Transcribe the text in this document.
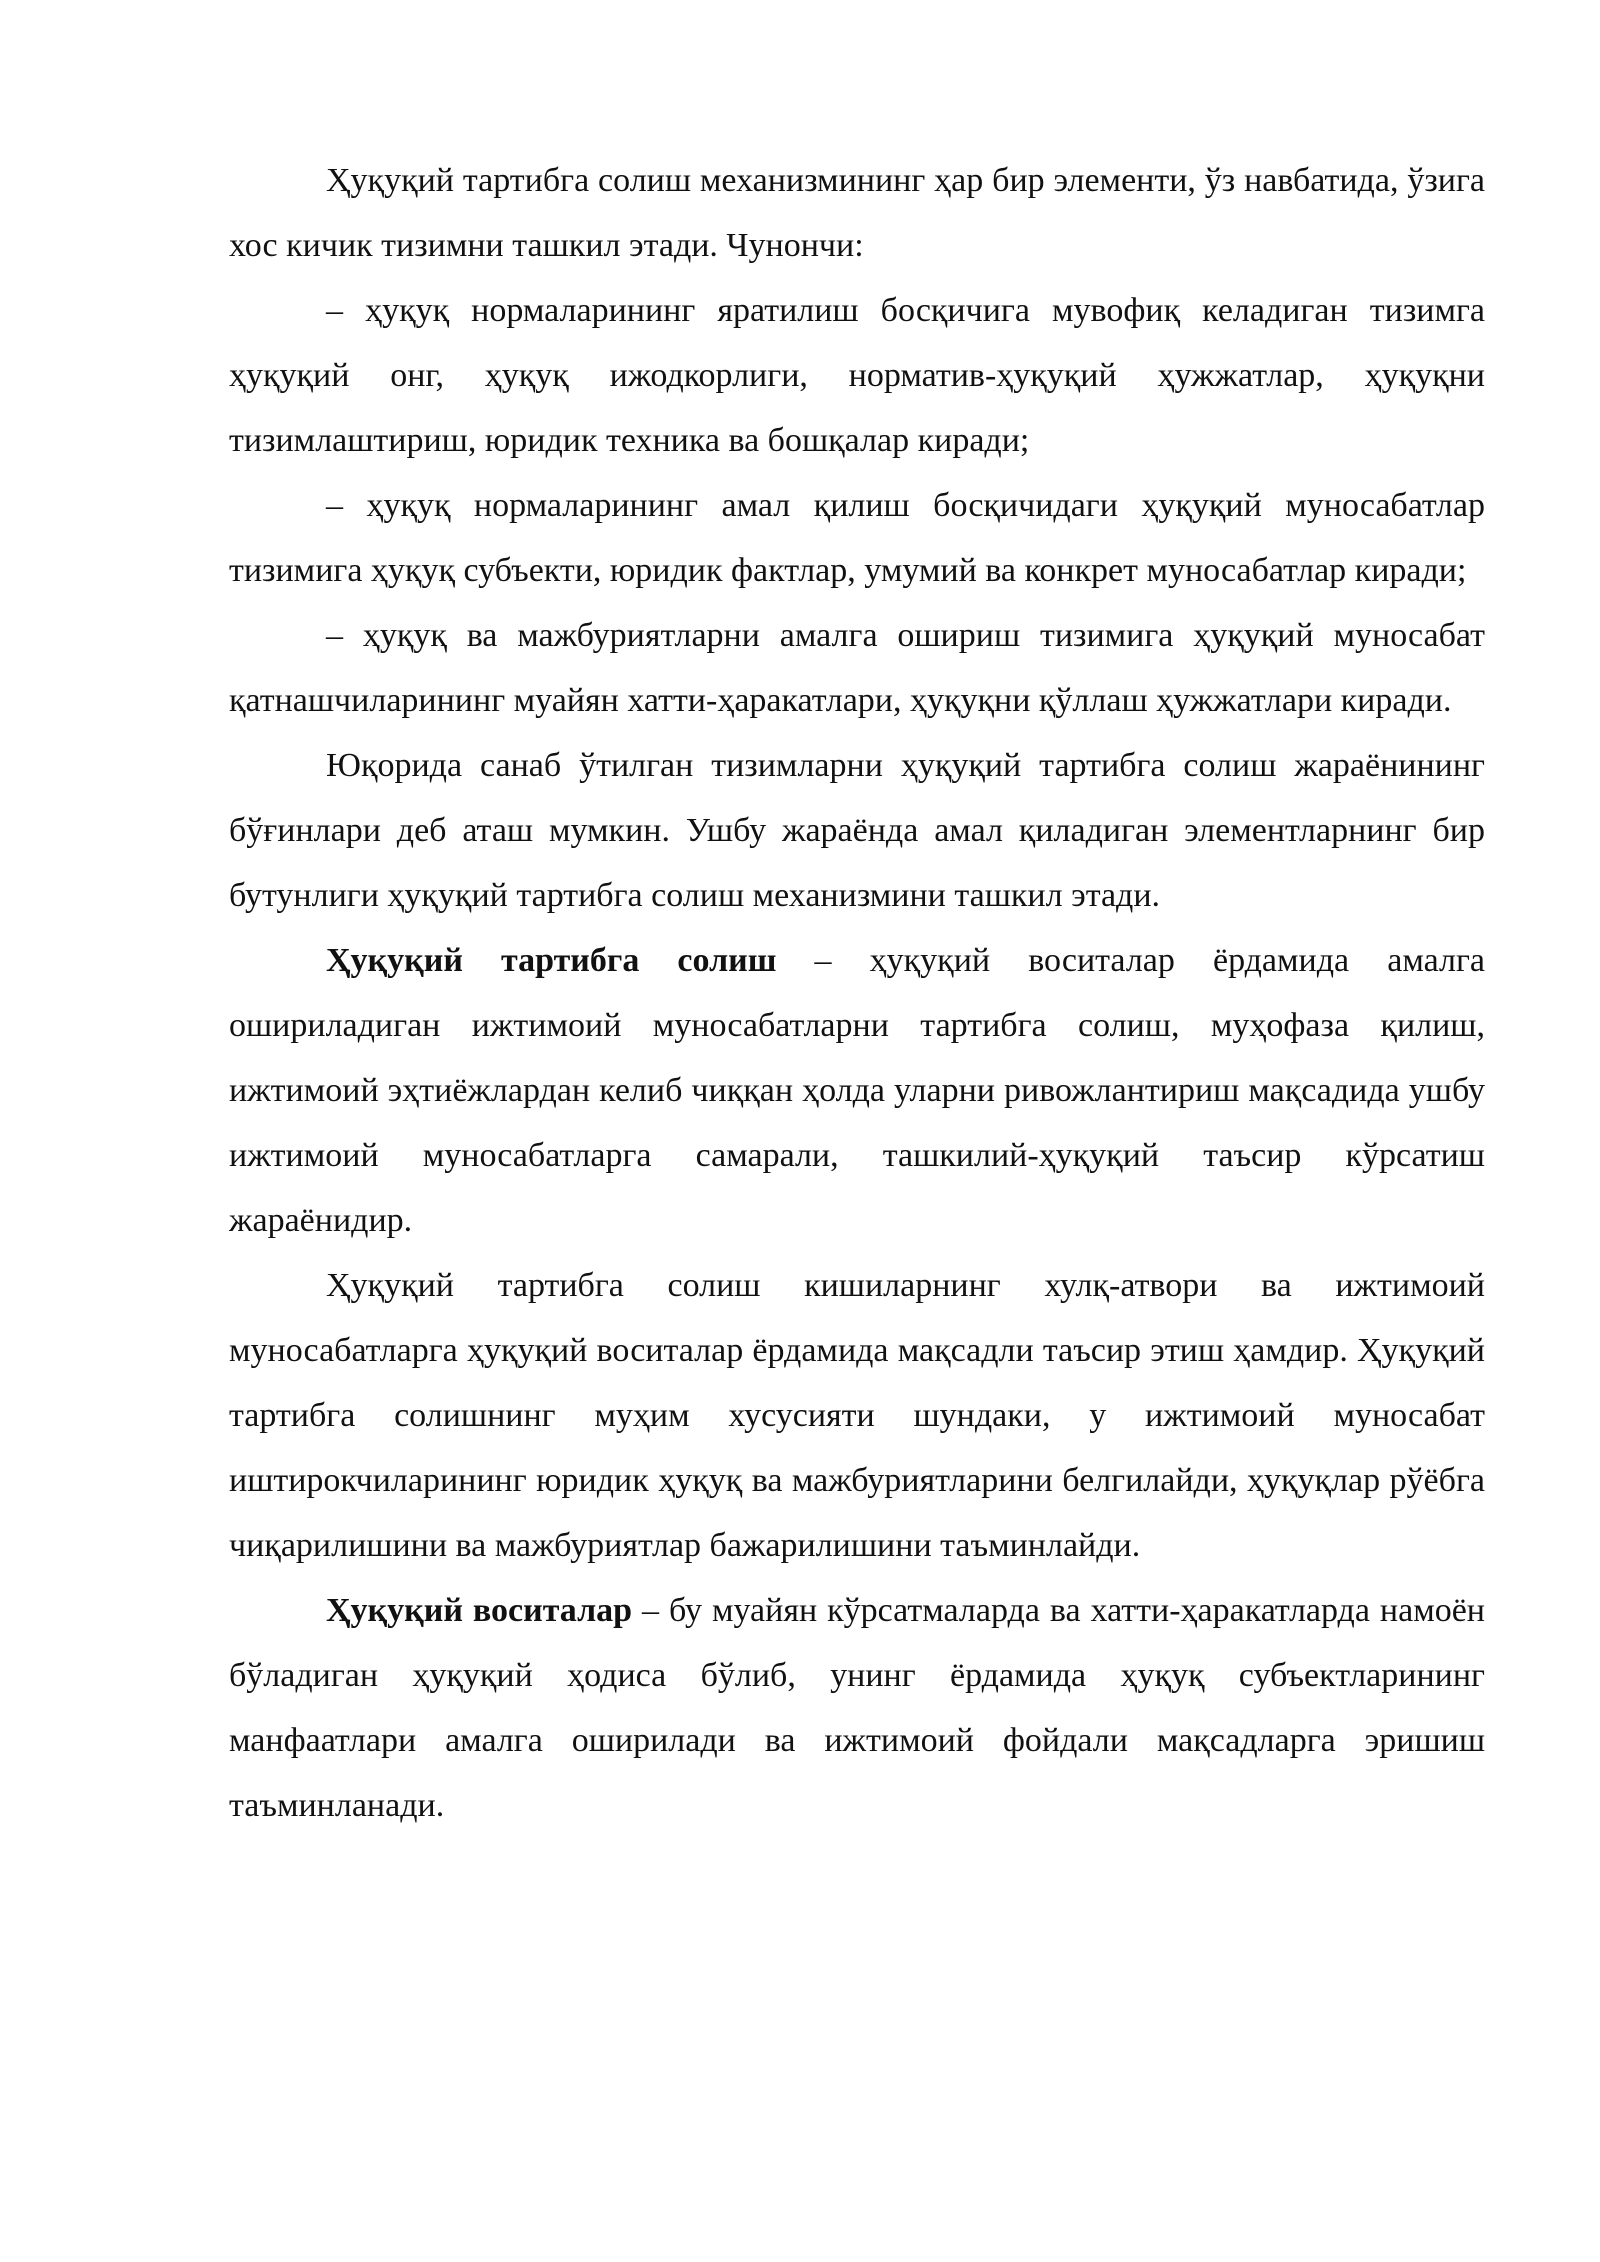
Ҳуқуқий тартибга солиш механизмининг ҳар бир элементи, ўз навбатида, ўзига хос кичик тизимни ташкил этади. Чунончи:

– ҳуқуқ нормаларининг яратилиш босқичига мувофиқ келадиган тизимга ҳуқуқий онг, ҳуқуқ ижодкорлиги, норматив-ҳуқуқий ҳужжатлар, ҳуқуқни тизимлаштириш, юридик техника ва бошқалар киради;

– ҳуқуқ нормаларининг амал қилиш босқичидаги ҳуқуқий муносабатлар тизимига ҳуқуқ субъекти, юридик фактлар, умумий ва конкрет муносабатлар киради;

– ҳуқуқ ва мажбуриятларни амалга ошириш тизимига ҳуқуқий муносабат қатнашчиларининг муайян хатти-ҳаракатлари, ҳуқуқни қўллаш ҳужжатлари киради.

Юқорида санаб ўтилган тизимларни ҳуқуқий тартибга солиш жараёнининг бўғинлари деб аташ мумкин. Ушбу жараёнда амал қиладиган элементларнинг бир бутунлиги ҳуқуқий тартибга солиш механизмини ташкил этади.

Ҳуқуқий тартибга солиш – ҳуқуқий воситалар ёрдамида амалга ошириладиган ижтимоий муносабатларни тартибга солиш, муҳофаза қилиш, ижтимоий эҳтиёжлардан келиб чиққан ҳолда уларни ривожлантириш мақсадида ушбу ижтимоий муносабатларга самарали, ташкилий-ҳуқуқий таъсир кўрсатиш жараёнидир.

Ҳуқуқий тартибга солиш кишиларнинг хулқ-атвори ва ижтимоий муносабатларга ҳуқуқий воситалар ёрдамида мақсадли таъсир этиш ҳамдир. Ҳуқуқий тартибга солишнинг муҳим хусусияти шундаки, у ижтимоий муносабат иштирокчиларининг юридик ҳуқуқ ва мажбуриятларини белгилайди, ҳуқуқлар рўёбга чиқарилишини ва мажбуриятлар бажарилишини таъминлайди.

Ҳуқуқий воситалар – бу муайян кўрсатмаларда ва хатти-ҳаракатларда намоён бўладиган ҳуқуқий ҳодиса бўлиб, унинг ёрдамида ҳуқуқ субъектларининг манфаатлари амалга оширилади ва ижтимоий фойдали мақсадларга эришиш таъминланади.
